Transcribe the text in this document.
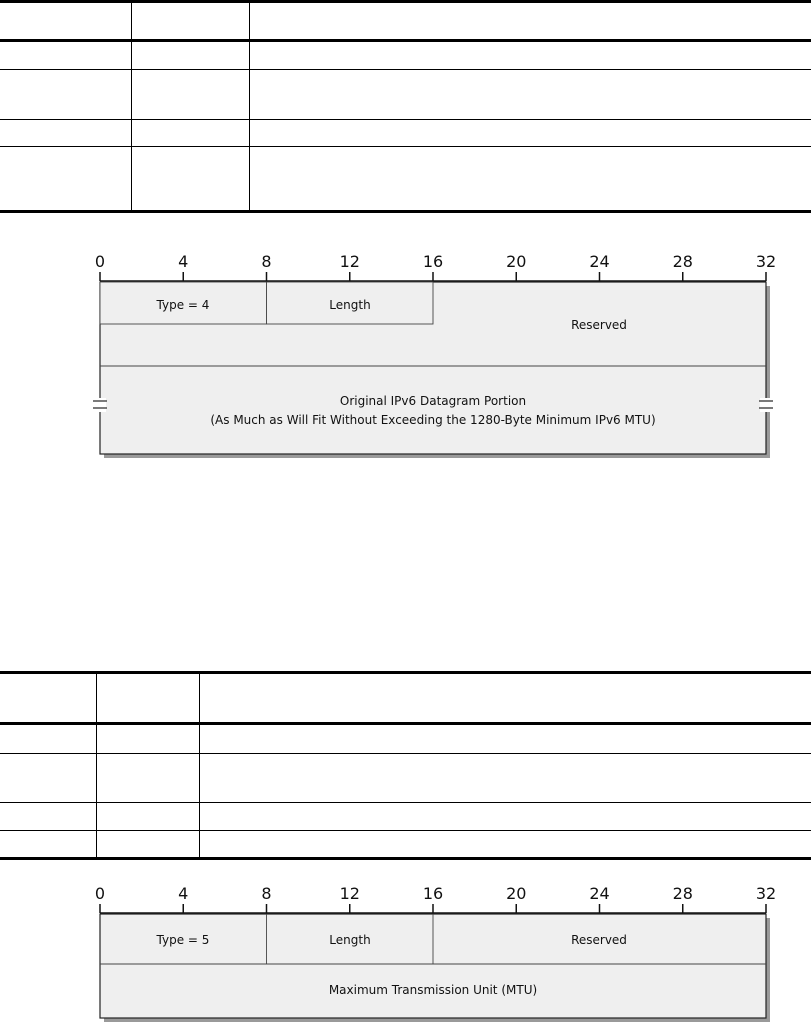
0	4	8	12	16	20	24	28	32
Type = 4	Length
Reserved
Original IPv6 Datagram Portion
(As Much as Will Fit Without Exceeding the 1280-Byte Minimum IPv6 MTU)

0	4	8	12	16	20	24	28	32
Type = 5	Length	Reserved
Maximum Transmission Unit (MTU)
